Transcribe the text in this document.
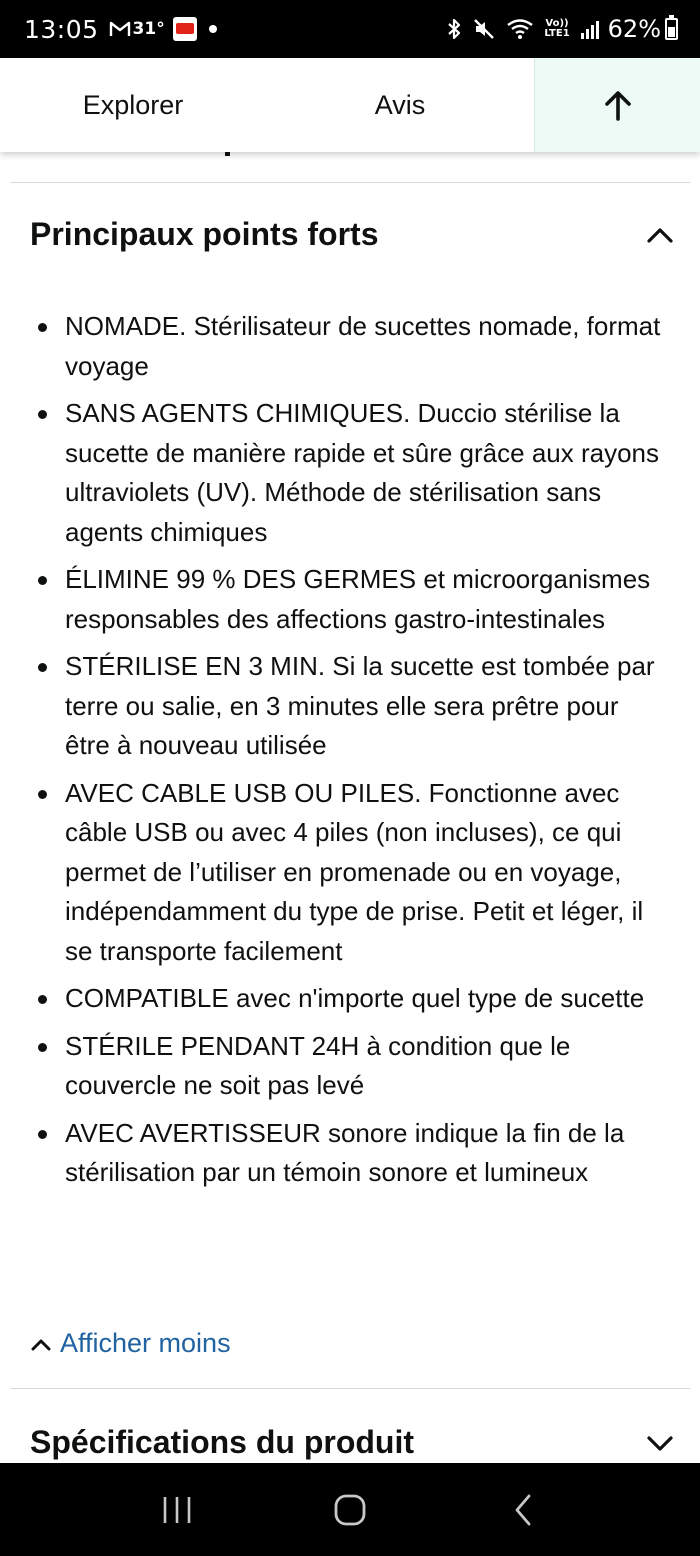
13:05 31°	Vo))
LTE1 62%
Explorer	Avis
Principaux points forts
NOMADE. Stérilisateur de sucettes nomade, format voyage
SANS AGENTS CHIMIQUES. Duccio stérilise la sucette de manière rapide et sûre grâce aux rayons ultraviolets (UV). Méthode de stérilisation sans agents chimiques
ÉLIMINE 99 % DES GERMES et microorganismes responsables des affections gastro-intestinales
STÉRILISE EN 3 MIN. Si la sucette est tombée par terre ou salie, en 3 minutes elle sera prêtre pour être à nouveau utilisée
AVEC CABLE USB OU PILES. Fonctionne avec câble USB ou avec 4 piles (non incluses), ce qui permet de l’utiliser en promenade ou en voyage, indépendamment du type de prise. Petit et léger, il se transporte facilement
COMPATIBLE avec n'importe quel type de sucette
STÉRILE PENDANT 24H à condition que le couvercle ne soit pas levé
AVEC AVERTISSEUR sonore indique la fin de la stérilisation par un témoin sonore et lumineux
Afficher moins
Spécifications du produit
